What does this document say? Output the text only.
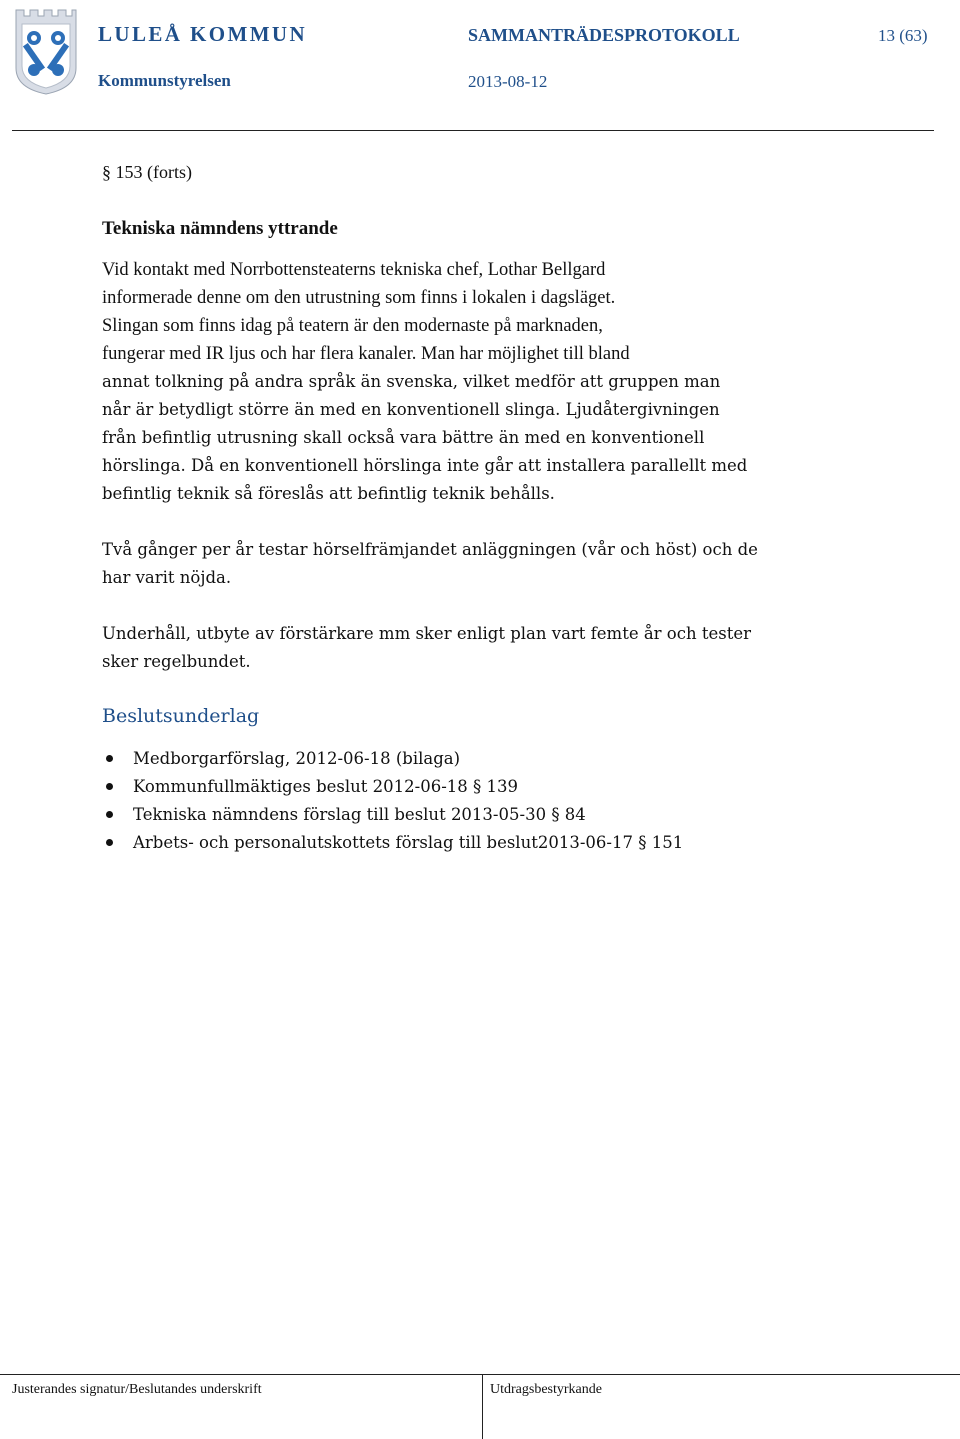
LULEÅ KOMMUN
Kommunstyrelsen
SAMMANTRÄDESPROTOKOLL
2013-08-12
13 (63)
§ 153 (forts)
Tekniska nämndens yttrande
Vid kontakt med Norrbottensteaterns tekniska chef, Lothar Bellgard
informerade denne om den utrustning som finns i lokalen i dagsläget.
Slingan som finns idag på teatern är den modernaste på marknaden,
fungerar med IR ljus och har flera kanaler. Man har möjlighet till bland
annat tolkning på andra språk än svenska, vilket medför att gruppen man
når är betydligt större än med en konventionell slinga. Ljudåtergivningen
från befintlig utrusning skall också vara bättre än med en konventionell
hörslinga. Då en konventionell hörslinga inte går att installera parallellt med
befintlig teknik så föreslås att befintlig teknik behålls.
Två gånger per år testar hörselfrämjandet anläggningen (vår och höst) och de
har varit nöjda.
Underhåll, utbyte av förstärkare mm sker enligt plan vart femte år och tester
sker regelbundet.
Beslutsunderlag
Medborgarförslag, 2012-06-18 (bilaga)
Kommunfullmäktiges beslut 2012-06-18 § 139
Tekniska nämndens förslag till beslut 2013-05-30 § 84
Arbets- och personalutskottets förslag till beslut2013-06-17 § 151
Justerandes signatur/Beslutandes underskrift	Utdragsbestyrkande
